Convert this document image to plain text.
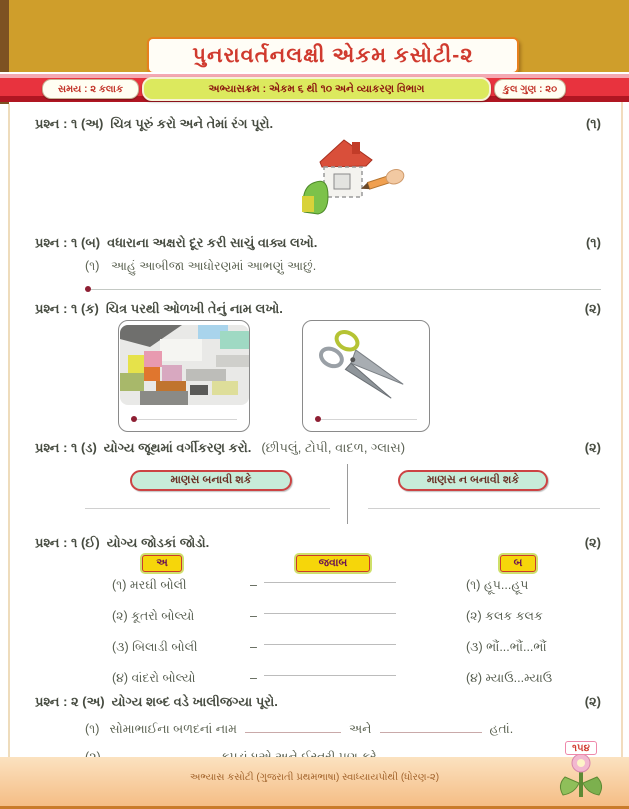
પુનરાવર્તનલક્ષી એકમ કસોટી-૨
સમય : ૨ કલાક	અભ્યાસક્રમ : એકમ ૬ થી ૧૦ અને વ્યાકરણ વિભાગ	કુલ ગુણ : ૨૦
પ્રશ્ન : ૧ (અ) ચિત્ર પૂરું કરો અને તેમાં રંગ પૂરો.	(૧)
પ્રશ્ન : ૧ (બ) વધારાના અક્ષરો દૂર કરી સાચું વાક્ય લખો.	(૧)
(૧) આહું આબીજા આધોરણમાં આભણું આછું.
પ્રશ્ન : ૧ (ક) ચિત્ર પરથી ઓળખી તેનું નામ લખો.	(૨)
પ્રશ્ન : ૧ (ડ) યોગ્ય જૂથમાં વર્ગીકરણ કરો. (છીપલું, ટોપી, વાદળ, ગ્લાસ)	(૨)
માણસ બનાવી શકે	માણસ ન બનાવી શકે
પ્રશ્ન : ૧ (ઈ) યોગ્ય જોડકાં જોડો.	(૨)
અ	જવાબ	બ
(૧) મરઘી બોલી	–	(૧) હૂપ...હૂપ
(૨) કૂતરો બોલ્યો	–	(૨) કલક કલક
(૩) બિલાડી બોલી	–	(૩) ભૌં...ભૌં...ભૌં
(૪) વાંદરો બોલ્યો	–	(૪) મ્યાઉ...મ્યાઉ
પ્રશ્ન : ૨ (અ) યોગ્ય શબ્દ વડે ખાલીજગ્યા પૂરો.	(૨)
(૧) સોમાભાઈના બળદનાં નામ	અને	હતાં.
અભ્યાસ કસોટી (ગુજરાતી પ્રથમભાષા) સ્વાધ્યાયપોથી (ધોરણ-૨)
૧૫૪
